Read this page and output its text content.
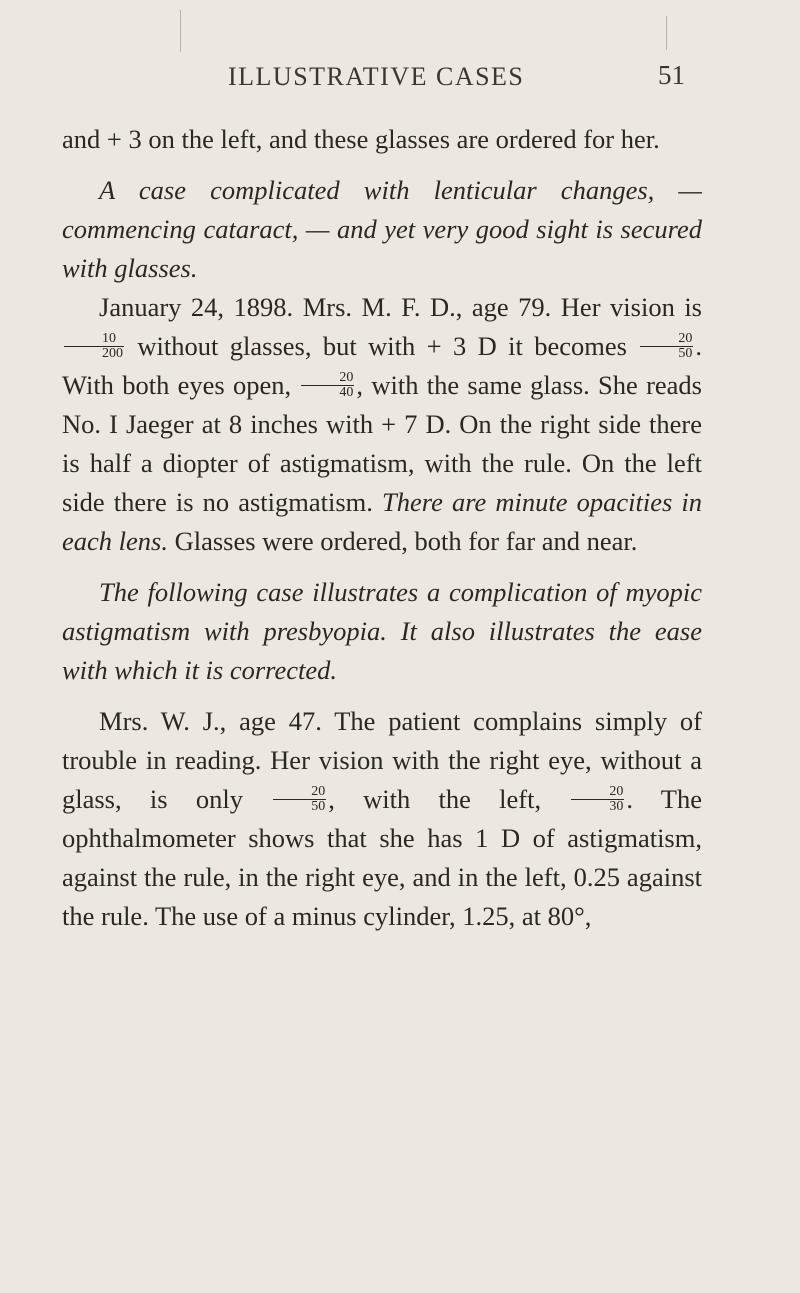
ILLUSTRATIVE CASES	51

and + 3 on the left, and these glasses are ordered for her.

A case complicated with lenticular changes, — commencing cataract, — and yet very good sight is secured with glasses.

January 24, 1898. Mrs. M. F. D., age 79. Her vision is
$\frac{10}{200}$ without glasses, but with + 3 D it becomes $\frac{20}{50}$ . With both eyes open, $\frac{20}{40}$ , with the same glass. She reads No. I Jaeger at 8 inches with + 7 D. On the right side there is half a diopter of astigmatism, with the rule. On the left side there is no astigmatism. There are minute opacities in each lens. Glasses were ordered, both for far and near.

The following case illustrates a complication of myopic astigmatism with presbyopia. It also illustrates the ease with which it is corrected.

Mrs. W. J., age 47. The patient complains simply of trouble in reading. Her vision with the right eye, without a glass, is only $\frac{20}{50}$ , with the left, $\frac{20}{30}$ . The ophthalmometer shows that she has 1 D of astigmatism, against the rule, in the right eye, and in the left, 0.25 against the rule. The use of a minus cylinder, 1.25, at 80°,
